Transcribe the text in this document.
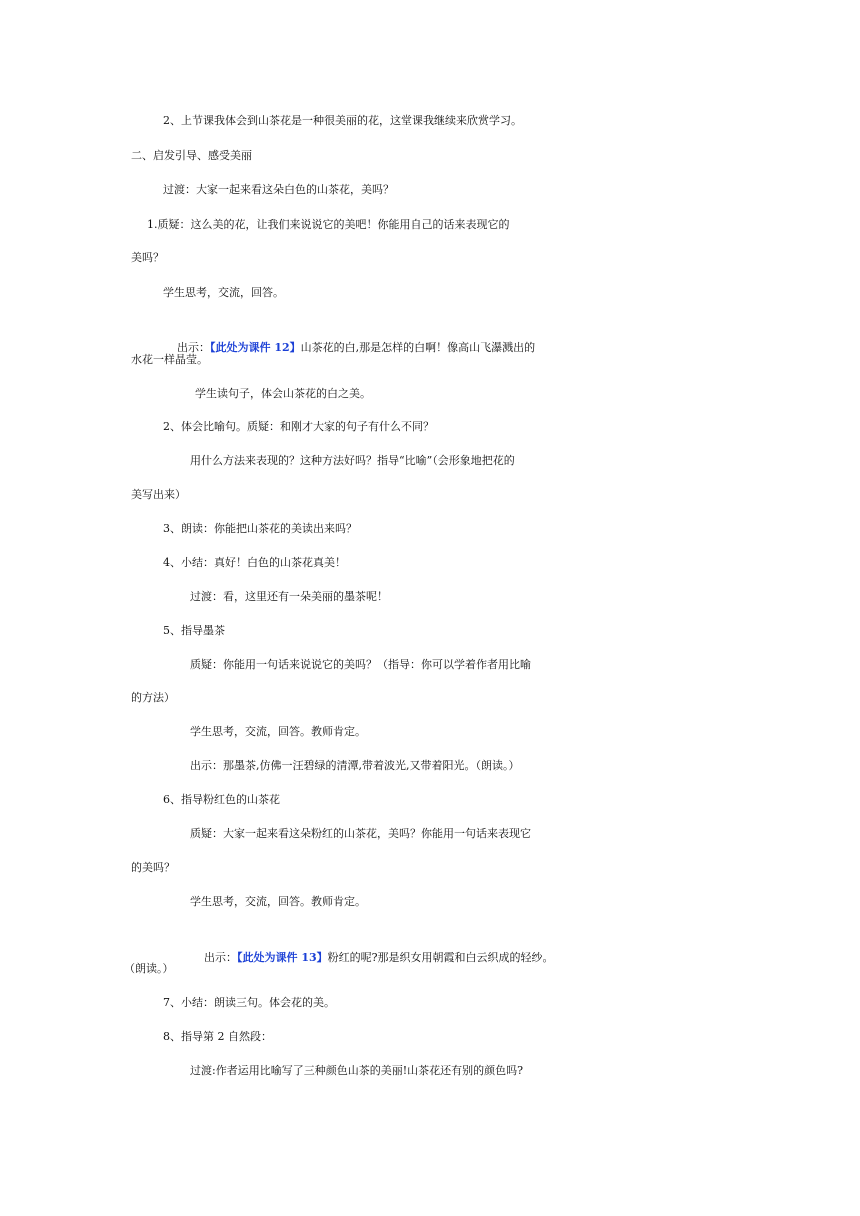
2、上节课我体会到山茶花是一种很美丽的花，这堂课我继续来欣赏学习。
二、启发引导、感受美丽
过渡：大家一起来看这朵白色的山茶花，美吗？
1.质疑：这么美的花，让我们来说说它的美吧！你能用自己的话来表现它的
美吗？
学生思考，交流，回答。

出示：【此处为课件 12】山茶花的白,那是怎样的白啊！像高山飞瀑溅出的

水花一样晶莹。
学生读句子，体会山茶花的白之美。
2、体会比喻句。质疑：和刚才大家的句子有什么不同？
用什么方法来表现的？这种方法好吗？指导“比喻”（会形象地把花的
美写出来）
3、朗读：你能把山茶花的美读出来吗？
4、小结：真好！白色的山茶花真美！
过渡：看，这里还有一朵美丽的墨茶呢！
5、指导墨茶
质疑：你能用一句话来说说它的美吗？（指导：你可以学着作者用比喻
的方法）
学生思考，交流，回答。教师肯定。
出示：那墨茶,仿佛一汪碧绿的清潭,带着波光,又带着阳光。（朗读。）
6、指导粉红色的山茶花
质疑：大家一起来看这朵粉红的山茶花，美吗？你能用一句话来表现它
的美吗？
学生思考，交流，回答。教师肯定。

出示：【此处为课件 13】粉红的呢?那是织女用朝霞和白云织成的轻纱。

（朗读。）
7、小结：朗读三句。体会花的美。
8、指导第 2 自然段：
过渡:作者运用比喻写了三种颜色山茶的美丽!山茶花还有别的颜色吗?
